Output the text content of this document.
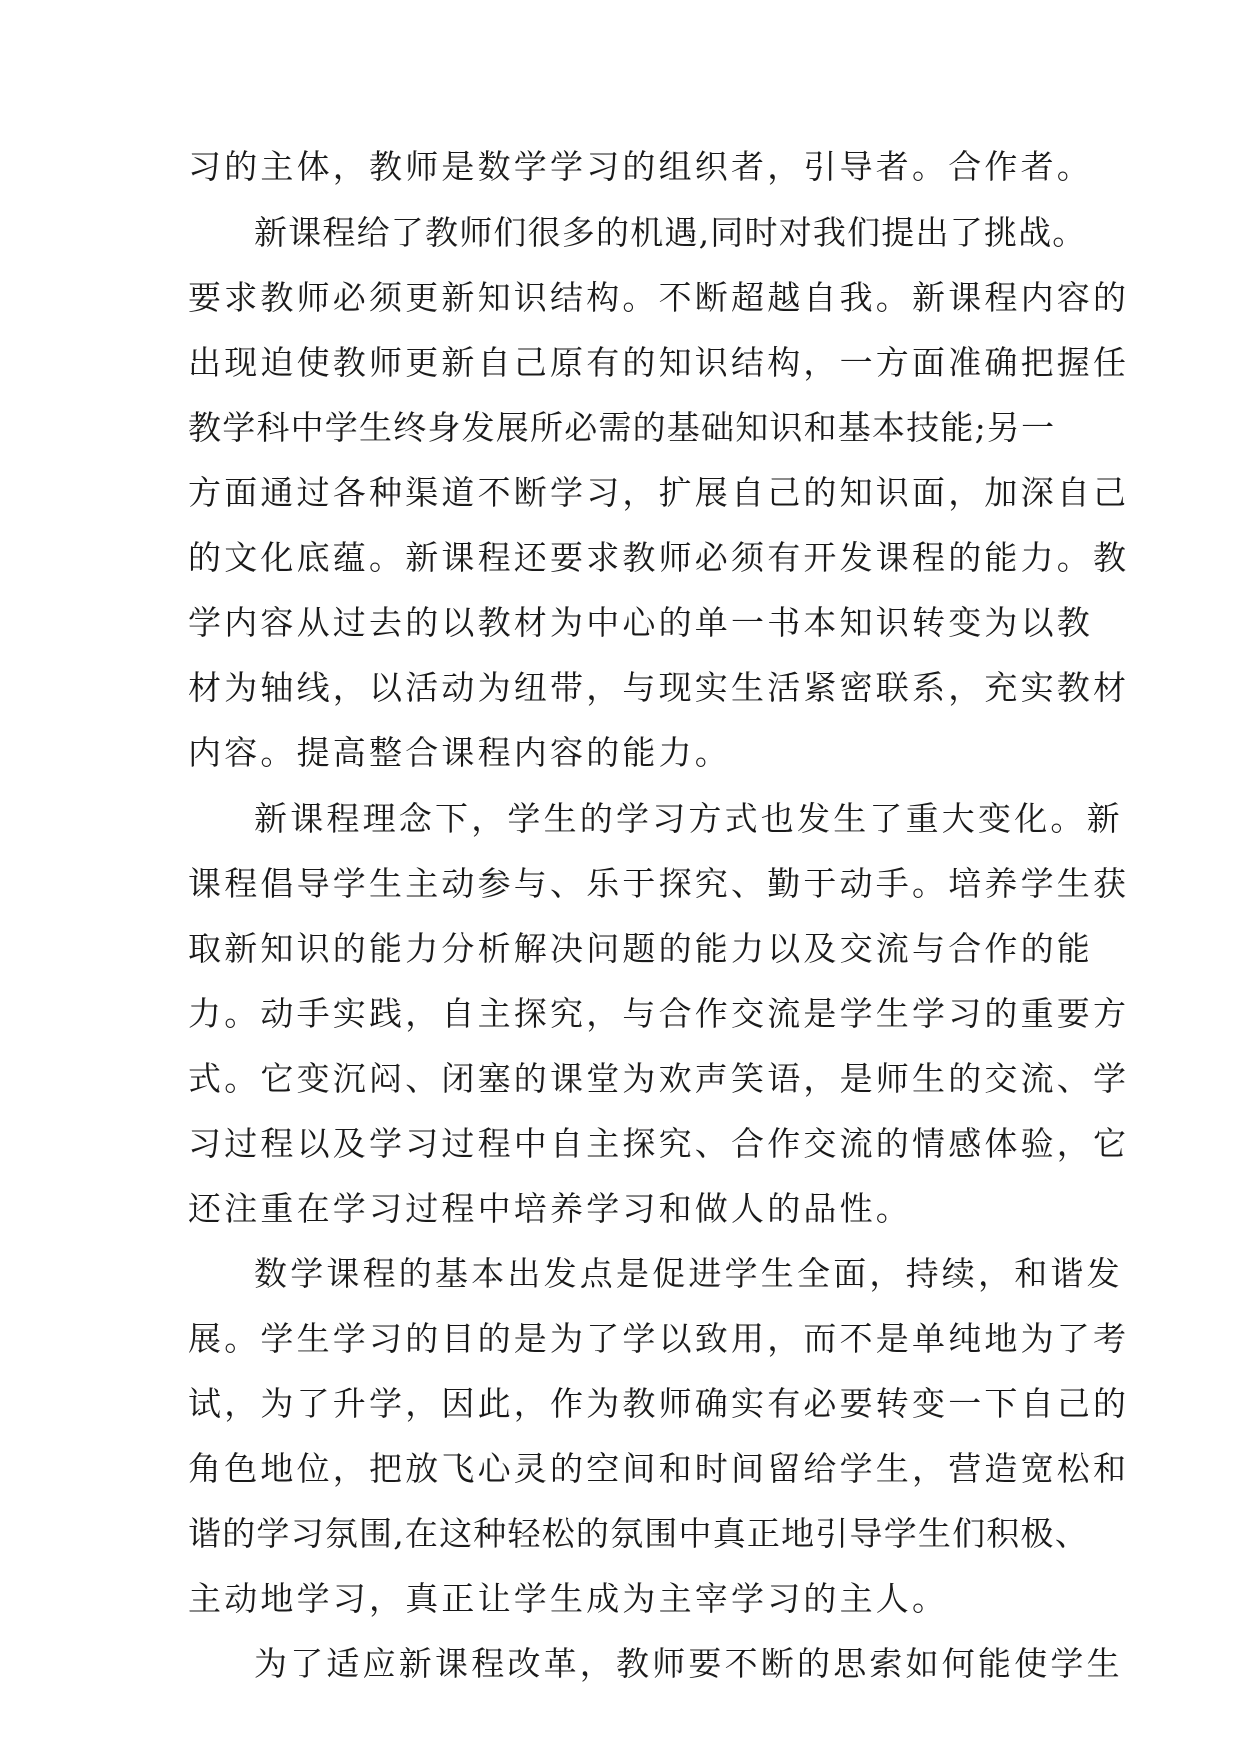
习的主体，教师是数学学习的组织者，引导者。合作者。
新课程给了教师们很多的机遇,同时对我们提出了挑战。
要求教师必须更新知识结构。不断超越自我。新课程内容的
出现迫使教师更新自己原有的知识结构，一方面准确把握任
教学科中学生终身发展所必需的基础知识和基本技能;另一
方面通过各种渠道不断学习，扩展自己的知识面，加深自己
的文化底蕴。新课程还要求教师必须有开发课程的能力。教
学内容从过去的以教材为中心的单一书本知识转变为以教
材为轴线，以活动为纽带，与现实生活紧密联系，充实教材
内容。提高整合课程内容的能力。
新课程理念下，学生的学习方式也发生了重大变化。新
课程倡导学生主动参与、乐于探究、勤于动手。培养学生获
取新知识的能力分析解决问题的能力以及交流与合作的能
力。动手实践，自主探究，与合作交流是学生学习的重要方
式。它变沉闷、闭塞的课堂为欢声笑语，是师生的交流、学
习过程以及学习过程中自主探究、合作交流的情感体验，它
还注重在学习过程中培养学习和做人的品性。
数学课程的基本出发点是促进学生全面，持续，和谐发
展。学生学习的目的是为了学以致用，而不是单纯地为了考
试，为了升学，因此，作为教师确实有必要转变一下自己的
角色地位，把放飞心灵的空间和时间留给学生，营造宽松和
谐的学习氛围,在这种轻松的氛围中真正地引导学生们积极、
主动地学习，真正让学生成为主宰学习的主人。
为了适应新课程改革，教师要不断的思索如何能使学生
